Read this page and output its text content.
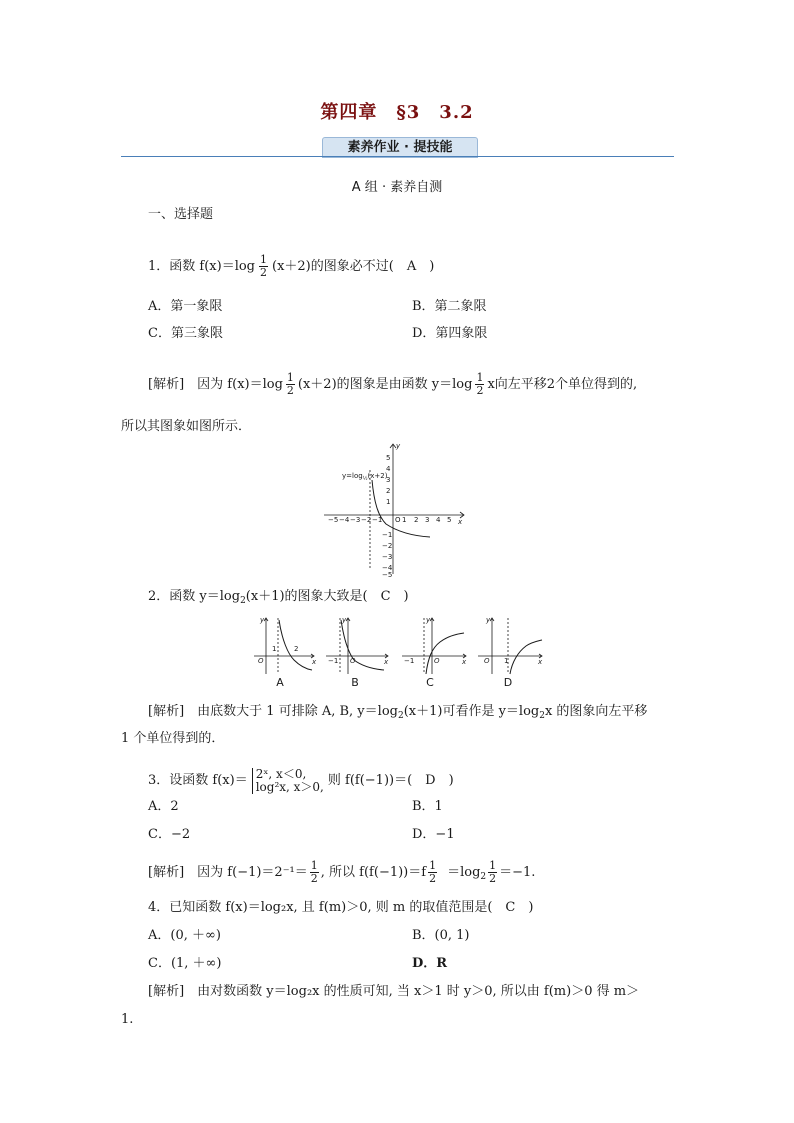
第四章　§3　3.2
素养作业 · 提技能
A 组 · 素养自测
一、选择题
1．函数 $f(x)=\log \frac{1}{2} (x+2)$的图象必不过(　A　)
A．第一象限	B．第二象限
C．第三象限	D．第四象限
[解析]　 因为 $f(x)=\log \frac{1}{2} (x+2)$的图象是由函数 $y=\log \frac{1}{2}$ x向左平移2个单位得到的,
所以其图象如图所示．
−5 −4 −3 −2 −1 O 1 2 3 4 5 x
y
5
4
3
2
1
−1
−2
−3
−4
−5
$y=\log_{\frac{1}{2}}(x+2)$
2．函数 $y=\log_2(x+1)$的图象大致是(　C　)
y
x
O
1	2
y
x
O
−1
y
x
O
−1
y
x
O 1
A	B	C	D
[解析]　 由底数大于 1 可排除 A, B, $y=\log_2(x+1)$可看作是 $y=\log_2x$ 的图象向左平移
1 个单位得到的．
3．设函数 f(x)＝ 2ˣ, x＜0,
log²x, x＞0, 则 f(f(−1))＝(　D　)
A．2	B．1
C．−2	D．−1
[解析]　 因为 $f(-1)=2^{-1}= \frac{1}{2}$ , 所以 $f(f(-1))=f \frac{1}{2} =\log_2 \frac{1}{2} =-1$.
4．已知函数 f(x)＝log₂x, 且 f(m)＞0, 则 m 的取值范围是(　C　)
A．(0, ＋∞)	B．(0, 1)
C．(1, ＋∞)	D．R
[解析]　 由对数函数 y＝log₂x 的性质可知, 当 x＞1 时 y＞0, 所以由 f(m)＞0 得 m＞
1.
